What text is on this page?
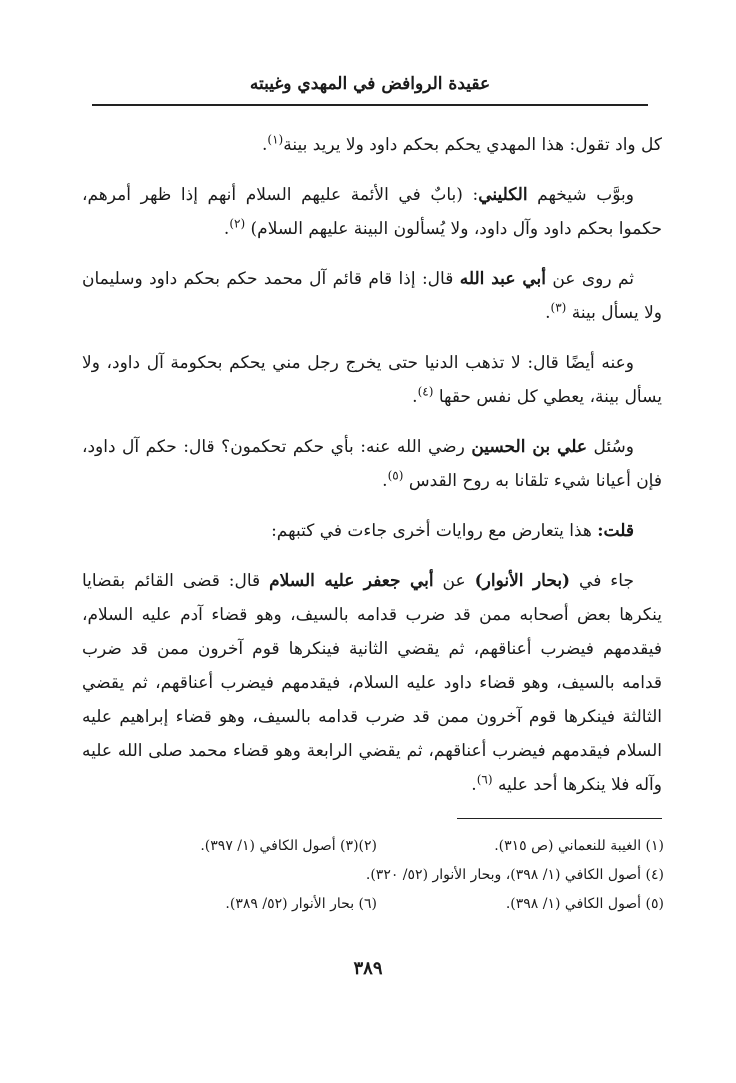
عقيدة الروافض في المهدي وغيبته

كل واد تقول: هذا المهدي يحكم بحكم داود ولا يريد بينة$^{(١)}$.

وبوَّب شيخهم الكليني: (بابٌ في الأئمة عليهم السلام أنهم إذا ظهر أمرهم، حكموا بحكم داود وآل داود، ولا يُسألون البينة عليهم السلام) $^{(٢)}$.

ثم روى عن أبي عبد الله قال: إذا قام قائم آل محمد حكم بحكم داود وسليمان ولا يسأل بينة $^{(٣)}$.

وعنه أيضًا قال: لا تذهب الدنيا حتى يخرج رجل مني يحكم بحكومة آل داود، ولا يسأل بينة، يعطي كل نفس حقها $^{(٤)}$.

وسُئل علي بن الحسين رضي الله عنه: بأي حكم تحكمون؟ قال: حكم آل داود، فإن أعيانا شيء تلقانا به روح القدس $^{(٥)}$.

قلت: هذا يتعارض مع روايات أخرى جاءت في كتبهم:

جاء في (بحار الأنوار) عن أبي جعفر عليه السلام قال: قضى القائم بقضايا ينكرها بعض أصحابه ممن قد ضرب قدامه بالسيف، وهو قضاء آدم عليه السلام، فيقدمهم فيضرب أعناقهم، ثم يقضي الثانية فينكرها قوم آخرون ممن قد ضرب قدامه بالسيف، وهو قضاء داود عليه السلام، فيقدمهم فيضرب أعناقهم، ثم يقضي الثالثة فينكرها قوم آخرون ممن قد ضرب قدامه بالسيف، وهو قضاء إبراهيم عليه السلام فيقدمهم فيضرب أعناقهم، ثم يقضي الرابعة وهو قضاء محمد صلى الله عليه وآله فلا ينكرها أحد عليه $^{(٦)}$.

(١) الغيبة للنعماني (ص ٣١٥).
(٢)(٣) أصول الكافي (١/ ٣٩٧).
(٤) أصول الكافي (١/ ٣٩٨)، وبحار الأنوار (٥٢/ ٣٢٠).
(٥) أصول الكافي (١/ ٣٩٨).
(٦) بحار الأنوار (٥٢/ ٣٨٩).
٣٨٩
